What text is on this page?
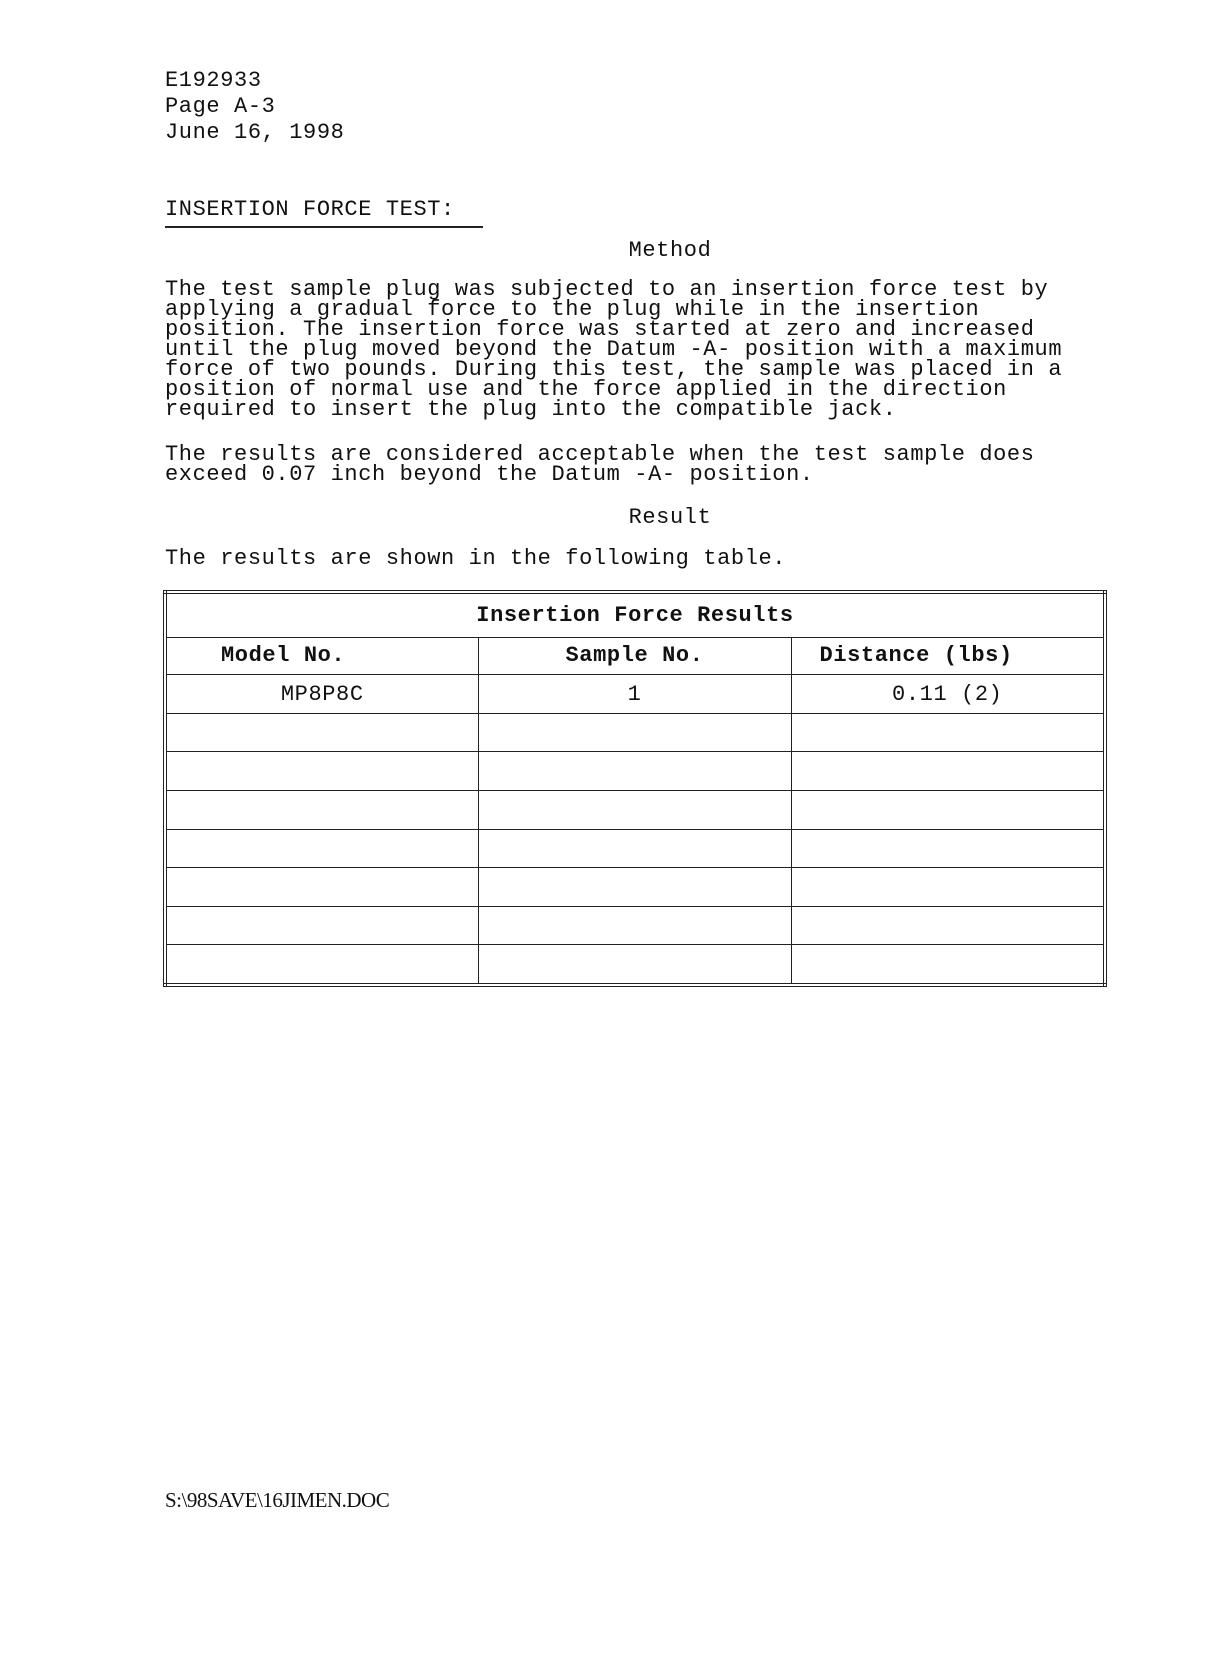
E192933
Page A-3
June 16, 1998
INSERTION FORCE TEST:
Method
The test sample plug was subjected to an insertion force test by
applying a gradual force to the plug while in the insertion
position. The insertion force was started at zero and increased
until the plug moved beyond the Datum -A- position with a maximum
force of two pounds. During this test, the sample was placed in a
position of normal use and the force applied in the direction
required to insert the plug into the compatible jack.
The results are considered acceptable when the test sample does
exceed 0.07 inch beyond the Datum -A- position.
Result
The results are shown in the following table.
Insertion Force Results		
Model No.	Sample No.	Distance (lbs)
MP8P8C	1	0.11 (2)

S:\98SAVE\16JIMEN.DOC
